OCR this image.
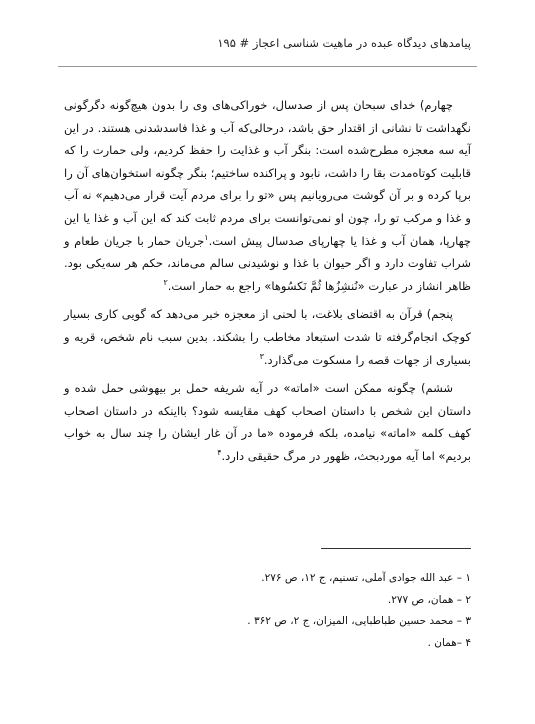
پیامدهای دیدگاه عبده در ماهیت شناسی اعجاز # ۱۹۵

چهارم) خدای سبحان پس از صدسال، خوراکی‌های وی را بدون هیچ‌گونه دگرگونی نگهداشت تا نشانی از اقتدار حق باشد، درحالی‌که آب و غذا فاسدشدنی هستند. در این آیه سه معجزه مطرح‌شده است: بنگر آب و غذایت را حفظ کردیم، ولی حمارت را که قابلیت کوتاه‌مدت بقا را داشت، نابود و پراکنده ساختیم؛ بنگر چگونه استخوان‌های آن را برپا کرده و بر آن گوشت می‌رویانیم پس «تو را برای مردم آیت قرار می‌دهیم» نه آب و غذا و مرکب تو را، چون او نمی‌توانست برای مردم ثابت کند که این آب و غذا یا این چهارپا، همان آب و غذا یا چهارپای صدسال پیش است.$^۱$جریان حمار با جریان طعام و شراب تفاوت دارد و اگر حیوان با غذا و نوشیدنی سالم می‌ماند، حکم هر سه‌یکی بود. ظاهر انشاز در عبارت «نُنشِزُها ثُمَّ نَکسُوها» راجع به حمار است.$^۲$

پنجم) قرآن به اقتضای بلاغت، با لحنی از معجزه خبر می‌دهد که گویی کاری بسیار کوچک انجام‌گرفته تا شدت استبعاد مخاطب را بشکند. بدین سبب نام شخص، قریه و بسیاری از جهات قصه را مسکوت می‌گذارد.$^۳$

ششم) چگونه ممکن است «اماته» در آیه شریفه حمل بر بیهوشی حمل شده و داستان این شخص با داستان اصحاب کهف مقایسه شود؟ بااینکه در داستان اصحاب کهف کلمه «اماته» نیامده، بلکه فرموده «ما در آن غار ایشان را چند سال به خواب بردیم» اما آیه موردبحث، ظهور در مرگ حقیقی دارد.$^۴$

۱ – عبد الله جوادی آملی، تسنیم، ج ۱۲، ص ۲۷۶.

۲ – همان، ص ۲۷۷.

۳ – محمد حسین طباطبایی، المیزان، ج ۲، ص ۳۶۲ .

۴ –همان .
